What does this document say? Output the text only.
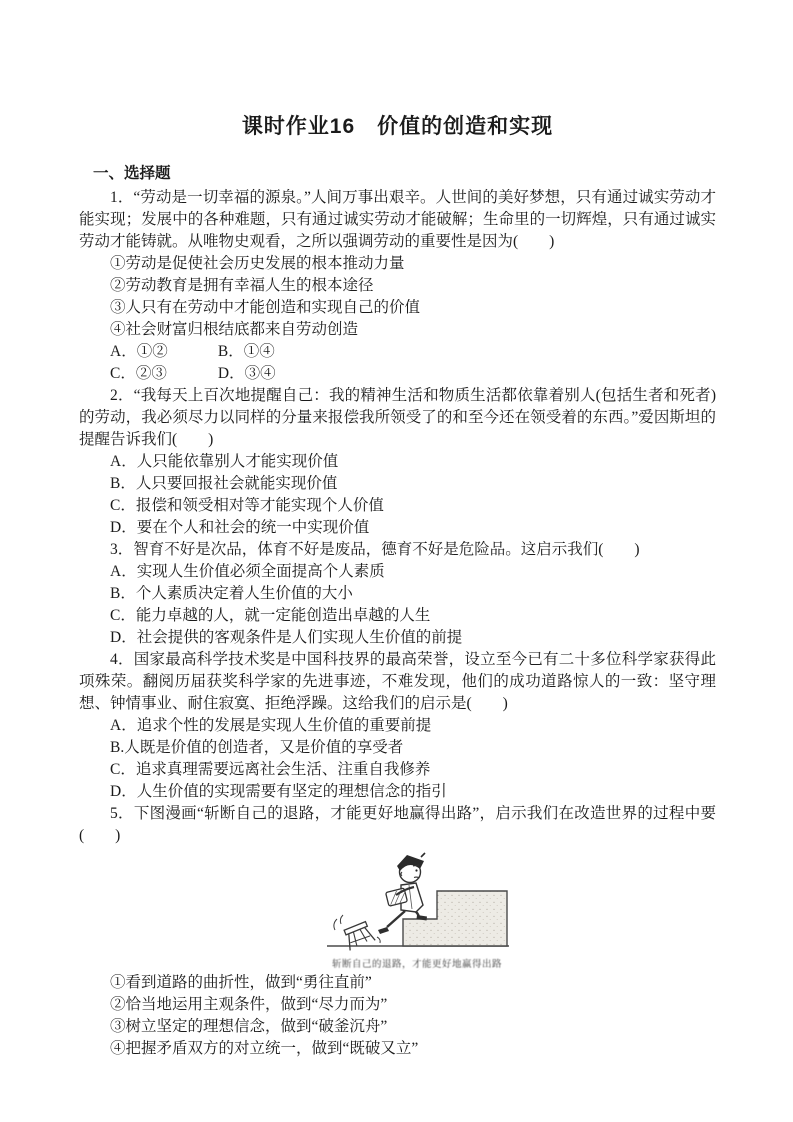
课时作业16　价值的创造和实现
一、选择题

1．“劳动是一切幸福的源泉。”人间万事出艰辛。人世间的美好梦想，只有通过诚实劳动才能实现；发展中的各种难题，只有通过诚实劳动才能破解；生命里的一切辉煌，只有通过诚实劳动才能铸就。从唯物史观看，之所以强调劳动的重要性是因为(　　)

①劳动是促使社会历史发展的根本推动力量
②劳动教育是拥有幸福人生的根本途径
③人只有在劳动中才能创造和实现自己的价值
④社会财富归根结底都来自劳动创造
A．①②	B．①④
C．②③	D．③④

2．“我每天上百次地提醒自己：我的精神生活和物质生活都依靠着别人(包括生者和死者)的劳动，我必须尽力以同样的分量来报偿我所领受了的和至今还在领受着的东西。”爱因斯坦的提醒告诉我们(　　)

A．人只能依靠别人才能实现价值
B．人只要回报社会就能实现价值
C．报偿和领受相对等才能实现个人价值
D．要在个人和社会的统一中实现价值

3．智育不好是次品，体育不好是废品，德育不好是危险品。这启示我们(　　)

A．实现人生价值必须全面提高个人素质
B．个人素质决定着人生价值的大小
C．能力卓越的人，就一定能创造出卓越的人生
D．社会提供的客观条件是人们实现人生价值的前提

4．国家最高科学技术奖是中国科技界的最高荣誉，设立至今已有二十多位科学家获得此项殊荣。翻阅历届获奖科学家的先进事迹，不难发现，他们的成功道路惊人的一致：坚守理想、钟情事业、耐住寂寞、拒绝浮躁。这给我们的启示是(　　)

A．追求个性的发展是实现人生价值的重要前提
B.人既是价值的创造者，又是价值的享受者
C．追求真理需要远离社会生活、注重自我修养
D．人生价值的实现需要有坚定的理想信念的指引

5．下图漫画“斩断自己的退路，才能更好地赢得出路”，启示我们在改造世界的过程中要(　　)

斩断自己的退路，才能更好地赢得出路
①看到道路的曲折性，做到“勇往直前”
②恰当地运用主观条件，做到“尽力而为”
③树立坚定的理想信念，做到“破釜沉舟”
④把握矛盾双方的对立统一，做到“既破又立”
